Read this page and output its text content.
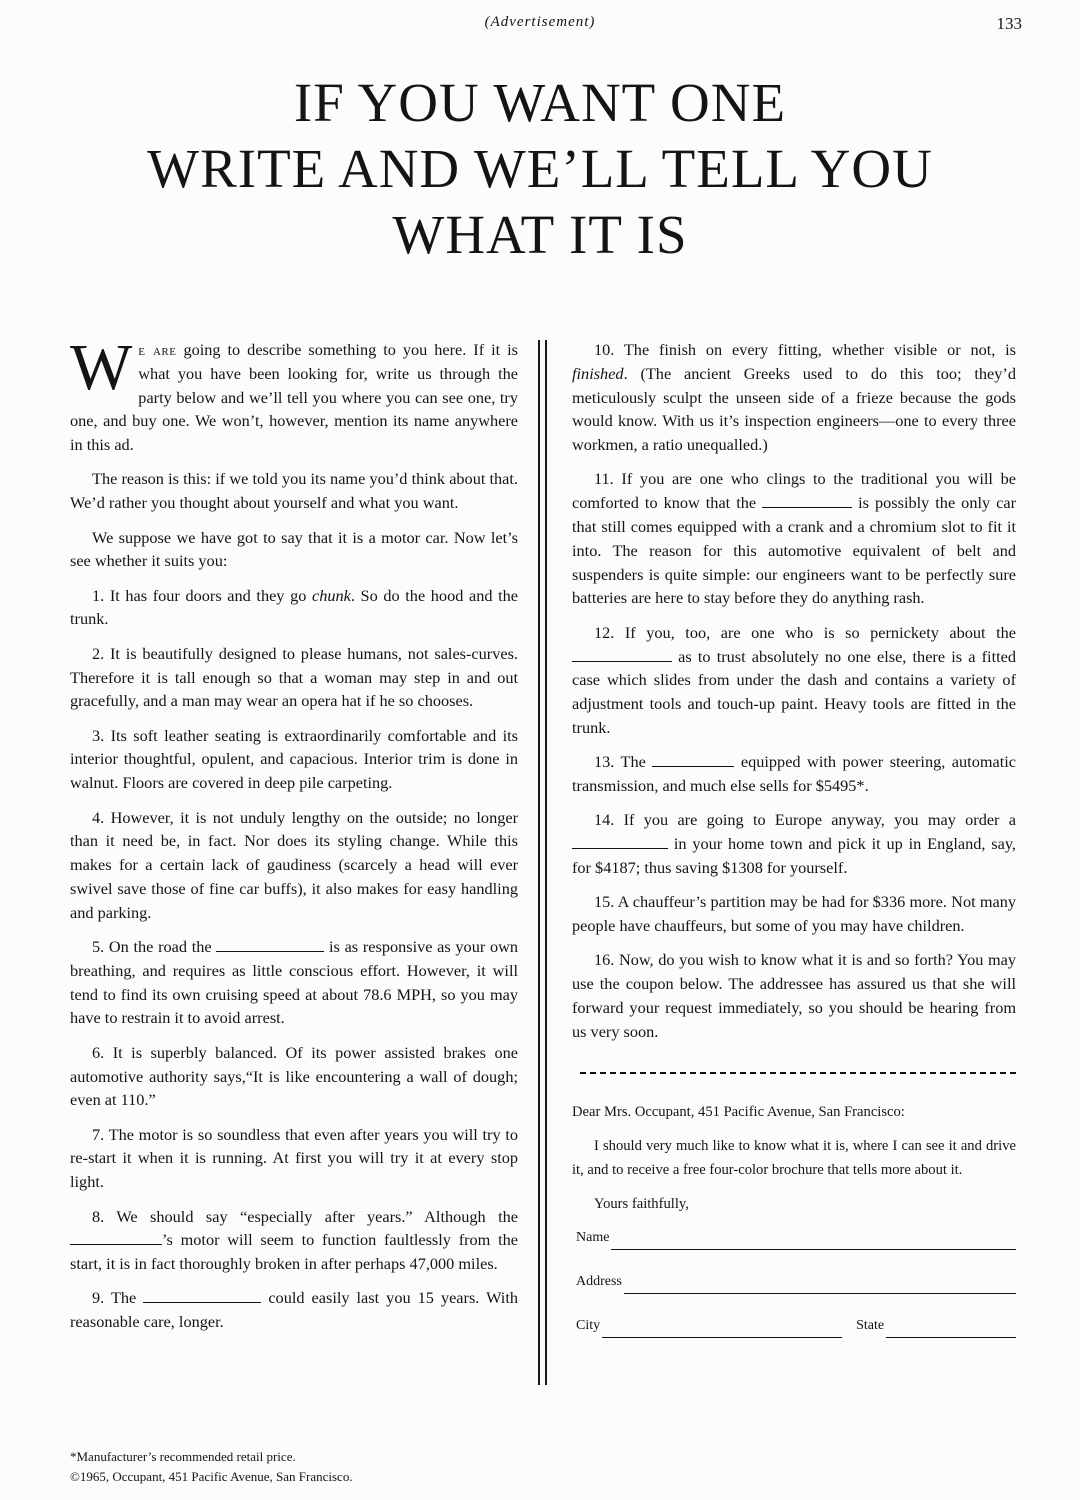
(Advertisement)	133
IF YOU WANT ONE
WRITE AND WE’LL TELL YOU
WHAT IT IS

We are going to describe something to you here. If it is what you have been looking for, write us through the party below and we’ll tell you where you can see one, try one, and buy one. We won’t, however, mention its name anywhere in this ad.

The reason is this: if we told you its name you’d think about that. We’d rather you thought about yourself and what you want.

We suppose we have got to say that it is a motor car. Now let’s see whether it suits you:

1. It has four doors and they go chunk. So do the hood and the trunk.

2. It is beautifully designed to please humans, not sales-curves. Therefore it is tall enough so that a woman may step in and out gracefully, and a man may wear an opera hat if he so chooses.

3. Its soft leather seating is extraordinarily comfortable and its interior thoughtful, opulent, and capacious. Interior trim is done in walnut. Floors are covered in deep pile carpeting.

4. However, it is not unduly lengthy on the outside; no longer than it need be, in fact. Nor does its styling change. While this makes for a certain lack of gaudiness (scarcely a head will ever swivel save those of fine car buffs), it also makes for easy handling and parking.

5. On the road the	is as responsive as your own breathing, and requires as little conscious effort. However, it will tend to find its own cruising speed at about 78.6 MPH, so you may have to restrain it to avoid arrest.

6. It is superbly balanced. Of its power assisted brakes one automotive authority says,“It is like encountering a wall of dough; even at 110.”

7. The motor is so soundless that even after years you will try to re-start it when it is running. At first you will try it at every stop light.

8. We should say “especially after years.” Although the ’s motor will seem to function faultlessly from the start, it is in fact thoroughly broken in after perhaps 47,000 miles.

9. The	could easily last you 15 years. With reasonable care, longer.

10. The finish on every fitting, whether visible or not, is finished. (The ancient Greeks used to do this too; they’d meticulously sculpt the unseen side of a frieze because the gods would know. With us it’s inspection engineers—one to every three workmen, a ratio unequalled.)

11. If you are one who clings to the traditional you will be comforted to know that the	is possibly the only car that still comes equipped with a crank and a chromium slot to fit it into. The reason for this automotive equivalent of belt and suspenders is quite simple: our engineers want to be perfectly sure batteries are here to stay before they do anything rash.

12. If you, too, are one who is so pernickety about the  as to trust absolutely no one else, there is a fitted case which slides from under the dash and contains a variety of adjustment tools and touch-up paint. Heavy tools are fitted in the trunk.

13. The	equipped with power steering, automatic transmission, and much else sells for $5495*.

14. If you are going to Europe anyway, you may order a  in your home town and pick it up in England, say, for $4187; thus saving $1308 for yourself.

15. A chauffeur’s partition may be had for $336 more. Not many people have chauffeurs, but some of you may have children.

16. Now, do you wish to know what it is and so forth? You may use the coupon below. The addressee has assured us that she will forward your request immediately, so you should be hearing from us very soon.

Dear Mrs. Occupant, 451 Pacific Avenue, San Francisco:

I should very much like to know what it is, where I can see it and drive it, and to receive a free four-color brochure that tells more about it.

Yours faithfully,

Name
Address
City	State
*Manufacturer’s recommended retail price.
©1965, Occupant, 451 Pacific Avenue, San Francisco.
